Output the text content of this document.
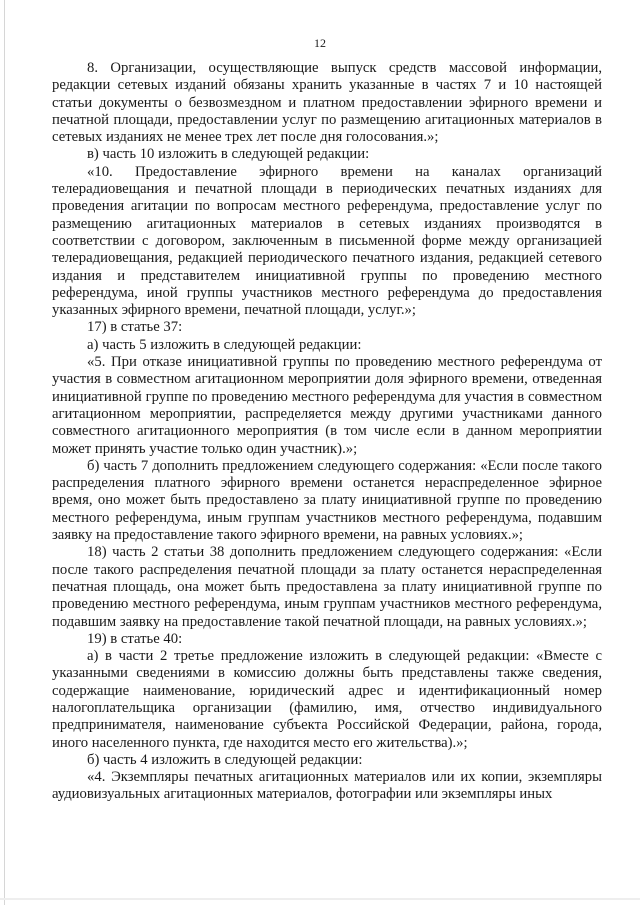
12

8. Организации, осуществляющие выпуск средств массовой информации, редакции сетевых изданий обязаны хранить указанные в частях 7 и 10 настоящей статьи документы о безвозмездном и платном предоставлении эфирного времени и печатной площади, предоставлении услуг по размещению агитационных материалов в сетевых изданиях не менее трех лет после дня голосования.»;

в) часть 10 изложить в следующей редакции:

«10. Предоставление эфирного времени на каналах организаций телерадиовещания и печатной площади в периодических печатных изданиях для проведения агитации по вопросам местного референдума, предоставление услуг по размещению агитационных материалов в сетевых изданиях производятся в соответствии с договором, заключенным в письменной форме между организацией телерадиовещания, редакцией периодического печатного издания, редакцией сетевого издания и представителем инициативной группы по проведению местного референдума, иной группы участников местного референдума до предоставления указанных эфирного времени, печатной площади, услуг.»;

17) в статье 37:

а) часть 5 изложить в следующей редакции:

«5. При отказе инициативной группы по проведению местного референдума от участия в совместном агитационном мероприятии доля эфирного времени, отведенная инициативной группе по проведению местного референдума для участия в совместном агитационном мероприятии, распределяется между другими участниками данного совместного агитационного мероприятия (в том числе если в данном мероприятии может принять участие только один участник).»;

б) часть 7 дополнить предложением следующего содержания: «Если после такого распределения платного эфирного времени останется нераспределенное эфирное время, оно может быть предоставлено за плату инициативной группе по проведению местного референдума, иным группам участников местного референдума, подавшим заявку на предоставление такого эфирного времени, на равных условиях.»;

18) часть 2 статьи 38 дополнить предложением следующего содержания: «Если после такого распределения печатной площади за плату останется нераспределенная печатная площадь, она может быть предоставлена за плату инициативной группе по проведению местного референдума, иным группам участников местного референдума, подавшим заявку на предоставление такой печатной площади, на равных условиях.»;

19) в статье 40:

а) в части 2 третье предложение изложить в следующей редакции: «Вместе с указанными сведениями в комиссию должны быть представлены также сведения, содержащие наименование, юридический адрес и идентификационный номер налогоплательщика организации (фамилию, имя, отчество индивидуального предпринимателя, наименование субъекта Российской Федерации, района, города, иного населенного пункта, где находится место его жительства).»;

б) часть 4 изложить в следующей редакции:

«4. Экземпляры печатных агитационных материалов или их копии, экземпляры аудиовизуальных агитационных материалов, фотографии или экземпляры иных
